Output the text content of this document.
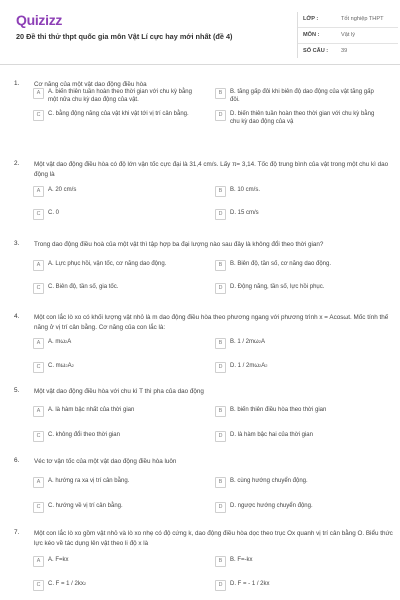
Quizizz
20 Đề thi thử thpt quốc gia môn Vật Lí cực hay mới nhất (đề 4)
LỚP :	Tốt nghiệp THPT
MÔN :	Vật lý
SỐ CÂU : 39
1. Cơ năng của một vật dao động điều hòa
A	A. biến thiên tuần hoàn theo thời gian với chu kỳ bằng một nửa chu kỳ dao động của vật.
B	B. tăng gấp đôi khi biên độ dao động của vật tăng gấp đôi.
C	C. bằng động năng của vật khi vật tới vị trí cân bằng.	D	D. biến thiên tuần hoàn theo thời gian với chu kỳ bằng chu kỳ dao động của vậ
2. Một vật dao động điều hòa có độ lớn vận tốc cực đại là 31,4 cm/s. Lấy π= 3,14. Tốc độ trung bình của vật trong một chu kì dao động là
A	A. 20 cm/s	B	B. 10 cm/s.
C	C. 0	D	D. 15 cm/s
3. Trong dao động điều hoà của một vật thì tập hợp ba đại lượng nào sau đây là không đổi theo thời gian?
A	A. Lực phục hồi, vận tốc, cơ năng dao động.	B	B. Biên độ, tần số, cơ năng dao động.
C	C. Biên độ, tần số, gia tốc.	D	D. Động năng, tần số, lực hồi phục.
4. Một con lắc lò xo có khối lượng vật nhỏ là m dao động điều hòa theo phương ngang với phương trình x = Acosωt. Mốc tính thế năng ở vị trí cân bằng. Cơ năng của con lắc là:
A	A. $m\omega^2A$	B	B. $1 / 2m\omega^2A$
C	C. $m\omega^2A^2$	D	D. $1 / 2m\omega^2A^2$
5. Một vật dao động điều hòa với chu kì T thì pha của dao động
A	A. là hàm bậc nhất của thời gian	B	B. biến thiên điều hòa theo thời gian
C	C. không đổi theo thời gian	D	D. là hàm bậc hai của thời gian
6. Véc tơ vận tốc của một vật dao động điều hòa luôn
A	A. hướng ra xa vị trí cân bằng.	B	B. cùng hướng chuyển động.
C	C. hướng về vị trí cân bằng.	D	D. ngược hướng chuyển động.
7. Một con lắc lò xo gồm vật nhỏ và lò xo nhẹ có độ cứng k, dao động điều hòa dọc theo trục Ox quanh vị trí cân bằng O. Biểu thức lực kéo về tác dụng lên vật theo li độ x là
A	A. F=kx	B	B. F=-kx
C	C. $F = 1 / 2kx^2$	D	D. F = - 1 / 2kx
